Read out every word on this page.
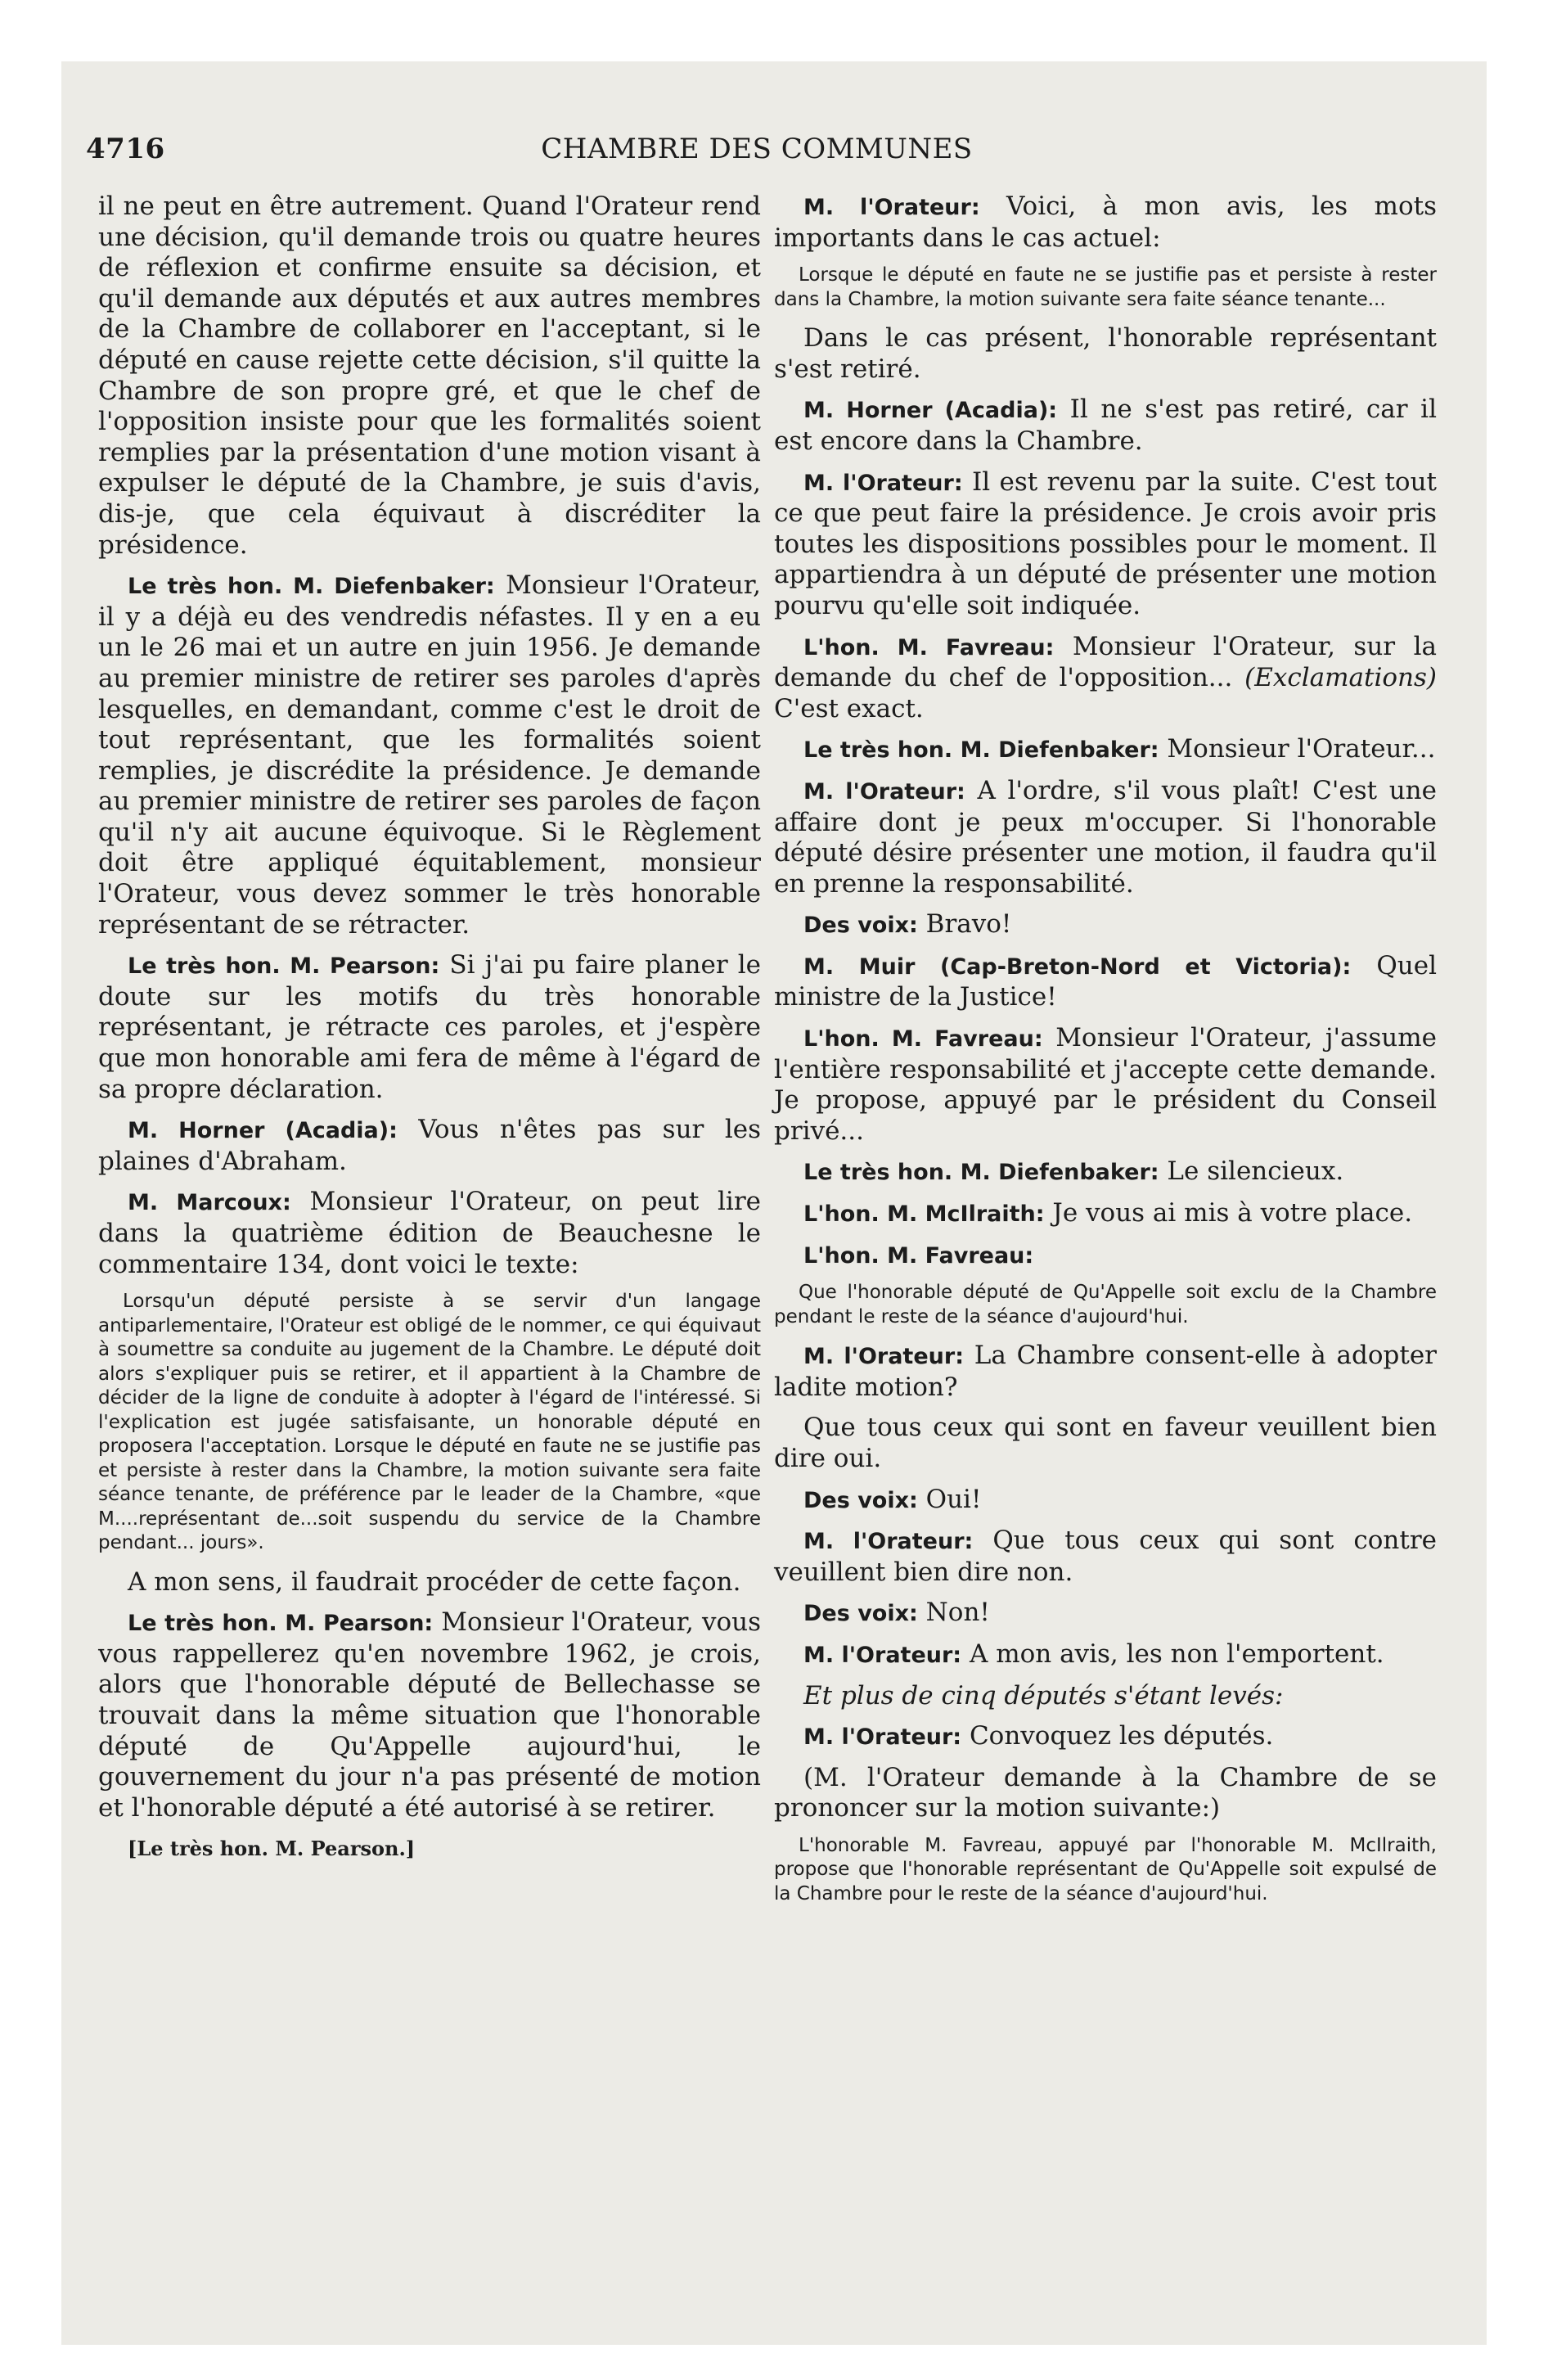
4716	CHAMBRE DES COMMUNES

il ne peut en être autrement. Quand l'Orateur rend une décision, qu'il demande trois ou quatre heures de réflexion et confirme ensuite sa décision, et qu'il demande aux députés et aux autres membres de la Chambre de collaborer en l'acceptant, si le député en cause rejette cette décision, s'il quitte la Chambre de son propre gré, et que le chef de l'opposition insiste pour que les formalités soient remplies par la présentation d'une motion visant à expulser le député de la Chambre, je suis d'avis, dis-je, que cela équivaut à discréditer la présidence.

Le très hon. M. Diefenbaker: Monsieur l'Orateur, il y a déjà eu des vendredis néfastes. Il y en a eu un le 26 mai et un autre en juin 1956. Je demande au premier ministre de retirer ses paroles d'après lesquelles, en demandant, comme c'est le droit de tout représentant, que les formalités soient remplies, je discrédite la présidence. Je demande au premier ministre de retirer ses paroles de façon qu'il n'y ait aucune équivoque. Si le Règlement doit être appliqué équitablement, monsieur l'Orateur, vous devez sommer le très honorable représentant de se rétracter.

Le très hon. M. Pearson: Si j'ai pu faire planer le doute sur les motifs du très honorable représentant, je rétracte ces paroles, et j'espère que mon honorable ami fera de même à l'égard de sa propre déclaration.

M. Horner (Acadia): Vous n'êtes pas sur les plaines d'Abraham.

M. Marcoux: Monsieur l'Orateur, on peut lire dans la quatrième édition de Beauchesne le commentaire 134, dont voici le texte:

Lorsqu'un député persiste à se servir d'un langage antiparlementaire, l'Orateur est obligé de le nommer, ce qui équivaut à soumettre sa conduite au jugement de la Chambre. Le député doit alors s'expliquer puis se retirer, et il appartient à la Chambre de décider de la ligne de conduite à adopter à l'égard de l'intéressé. Si l'explication est jugée satisfaisante, un honorable député en proposera l'acceptation. Lorsque le député en faute ne se justifie pas et persiste à rester dans la Chambre, la motion suivante sera faite séance tenante, de préférence par le leader de la Chambre, «que M....représentant de...soit suspendu du service de la Chambre pendant... jours».

A mon sens, il faudrait procéder de cette façon.

Le très hon. M. Pearson: Monsieur l'Orateur, vous vous rappellerez qu'en novembre 1962, je crois, alors que l'honorable député de Bellechasse se trouvait dans la même situation que l'honorable député de Qu'Appelle aujourd'hui, le gouvernement du jour n'a pas présenté de motion et l'honorable député a été autorisé à se retirer.

[Le très hon. M. Pearson.]

M. l'Orateur: Voici, à mon avis, les mots importants dans le cas actuel:

Lorsque le député en faute ne se justifie pas et persiste à rester dans la Chambre, la motion suivante sera faite séance tenante...

Dans le cas présent, l'honorable représentant s'est retiré.

M. Horner (Acadia): Il ne s'est pas retiré, car il est encore dans la Chambre.

M. l'Orateur: Il est revenu par la suite. C'est tout ce que peut faire la présidence. Je crois avoir pris toutes les dispositions possibles pour le moment. Il appartiendra à un député de présenter une motion pourvu qu'elle soit indiquée.

L'hon. M. Favreau: Monsieur l'Orateur, sur la demande du chef de l'opposition... (Exclamations) C'est exact.

Le très hon. M. Diefenbaker: Monsieur l'Orateur...

M. l'Orateur: A l'ordre, s'il vous plaît! C'est une affaire dont je peux m'occuper. Si l'honorable député désire présenter une motion, il faudra qu'il en prenne la responsabilité.

Des voix: Bravo!

M. Muir (Cap-Breton-Nord et Victoria): Quel ministre de la Justice!

L'hon. M. Favreau: Monsieur l'Orateur, j'assume l'entière responsabilité et j'accepte cette demande. Je propose, appuyé par le président du Conseil privé...

Le très hon. M. Diefenbaker: Le silencieux.

L'hon. M. McIlraith: Je vous ai mis à votre place.

L'hon. M. Favreau:

Que l'honorable député de Qu'Appelle soit exclu de la Chambre pendant le reste de la séance d'aujourd'hui.

M. l'Orateur: La Chambre consent-elle à adopter ladite motion?

Que tous ceux qui sont en faveur veuillent bien dire oui.

Des voix: Oui!

M. l'Orateur: Que tous ceux qui sont contre veuillent bien dire non.

Des voix: Non!

M. l'Orateur: A mon avis, les non l'emportent.

Et plus de cinq députés s'étant levés:

M. l'Orateur: Convoquez les députés.

(M. l'Orateur demande à la Chambre de se prononcer sur la motion suivante:)

L'honorable M. Favreau, appuyé par l'honorable M. McIlraith, propose que l'honorable représentant de Qu'Appelle soit expulsé de la Chambre pour le reste de la séance d'aujourd'hui.
